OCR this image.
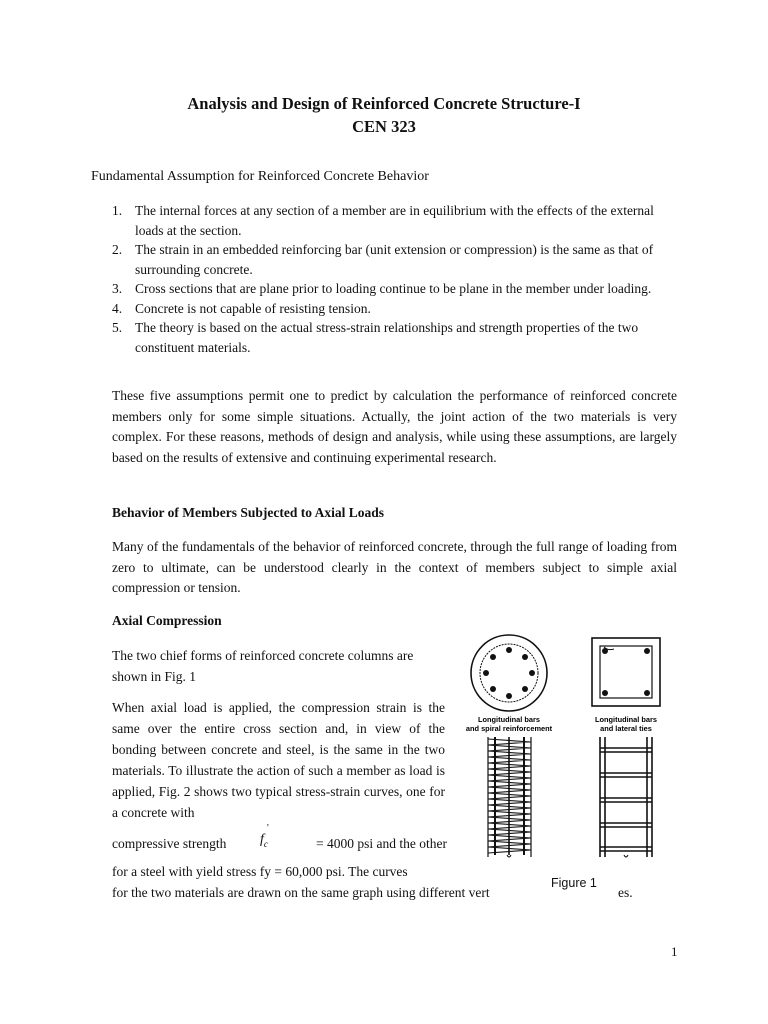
Analysis and Design of Reinforced Concrete Structure-I
CEN 323
Fundamental Assumption for Reinforced Concrete Behavior
1. The internal forces at any section of a member are in equilibrium with the effects of the external loads at the section.
2. The strain in an embedded reinforcing bar (unit extension or compression) is the same as that of surrounding concrete.
3. Cross sections that are plane prior to loading continue to be plane in the member under loading.
4. Concrete is not capable of resisting tension.
5. The theory is based on the actual stress-strain relationships and strength properties of the two constituent materials.

These five assumptions permit one to predict by calculation the performance of reinforced concrete members only for some simple situations. Actually, the joint action of the two materials is very complex. For these reasons, methods of design and analysis, while using these assumptions, are largely based on the results of extensive and continuing experimental research.

Behavior of Members Subjected to Axial Loads

Many of the fundamentals of the behavior of reinforced concrete, through the full range of loading from zero to ultimate, can be understood clearly in the context of members subject to simple axial compression or tension.

Axial Compression

The two chief forms of reinforced concrete columns are shown in Fig. 1

When axial load is applied, the compression strain is the same over the entire cross section and, in view of the bonding between concrete and steel, is the same in the two materials. To illustrate the action of such a member as load is applied, Fig. 2 shows two typical stress-strain curves, one for a concrete with

compressive strength $f_c$
'
= 4000 psi and the other
for a steel with yield stress fy = 60,000 psi. The curves
for the two materials are drawn on the same graph using different vert
Longitudinal bars
and spiral reinforcement
Longitudinal bars
and lateral ties
Figure 1
es.
1
